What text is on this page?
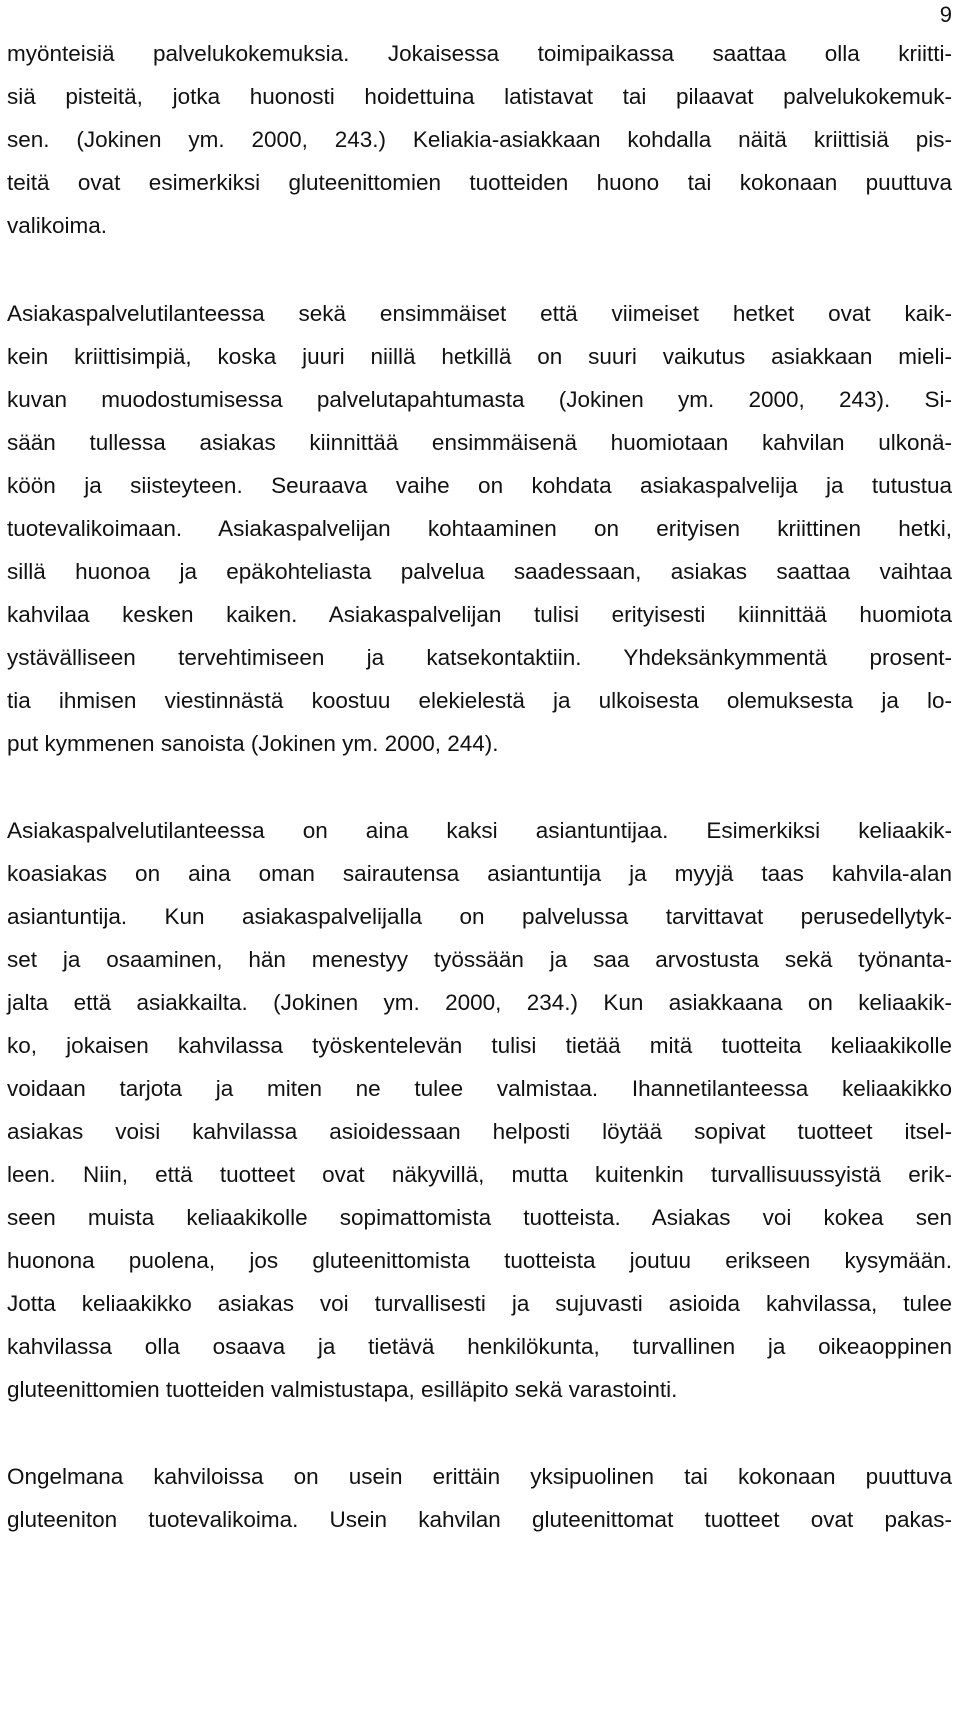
9
myönteisiä palvelukokemuksia. Jokaisessa toimipaikassa saattaa olla kriitti-
siä pisteitä, jotka huonosti hoidettuina latistavat tai pilaavat palvelukokemuk-
sen. (Jokinen ym. 2000, 243.) Keliakia-asiakkaan kohdalla näitä kriittisiä pis-
teitä ovat esimerkiksi gluteenittomien tuotteiden huono tai kokonaan puuttuva
valikoima.
Asiakaspalvelutilanteessa sekä ensimmäiset että viimeiset hetket ovat kaik-
kein kriittisimpiä, koska juuri niillä hetkillä on suuri vaikutus asiakkaan mieli-
kuvan muodostumisessa palvelutapahtumasta (Jokinen ym. 2000, 243). Si-
sään tullessa asiakas kiinnittää ensimmäisenä huomiotaan kahvilan ulkonä-
köön ja siisteyteen. Seuraava vaihe on kohdata asiakaspalvelija ja tutustua
tuotevalikoimaan. Asiakaspalvelijan kohtaaminen on erityisen kriittinen hetki,
sillä huonoa ja epäkohteliasta palvelua saadessaan, asiakas saattaa vaihtaa
kahvilaa kesken kaiken. Asiakaspalvelijan tulisi erityisesti kiinnittää huomiota
ystävälliseen tervehtimiseen ja katsekontaktiin. Yhdeksänkymmentä prosent-
tia ihmisen viestinnästä koostuu elekielestä ja ulkoisesta olemuksesta ja lo-
put kymmenen sanoista (Jokinen ym. 2000, 244).
Asiakaspalvelutilanteessa on aina kaksi asiantuntijaa. Esimerkiksi keliaakik-
koasiakas on aina oman sairautensa asiantuntija ja myyjä taas kahvila-alan
asiantuntija. Kun asiakaspalvelijalla on palvelussa tarvittavat perusedellytyk-
set ja osaaminen, hän menestyy työssään ja saa arvostusta sekä työnanta-
jalta että asiakkailta. (Jokinen ym. 2000, 234.) Kun asiakkaana on keliaakik-
ko, jokaisen kahvilassa työskentelevän tulisi tietää mitä tuotteita keliaakikolle
voidaan tarjota ja miten ne tulee valmistaa. Ihannetilanteessa keliaakikko
asiakas voisi kahvilassa asioidessaan helposti löytää sopivat tuotteet itsel-
leen. Niin, että tuotteet ovat näkyvillä, mutta kuitenkin turvallisuussyistä erik-
seen muista keliaakikolle sopimattomista tuotteista. Asiakas voi kokea sen
huonona puolena, jos gluteenittomista tuotteista joutuu erikseen kysymään.
Jotta keliaakikko asiakas voi turvallisesti ja sujuvasti asioida kahvilassa, tulee
kahvilassa olla osaava ja tietävä henkilökunta, turvallinen ja oikeaoppinen
gluteenittomien tuotteiden valmistustapa, esilläpito sekä varastointi.
Ongelmana kahviloissa on usein erittäin yksipuolinen tai kokonaan puuttuva
gluteeniton tuotevalikoima. Usein kahvilan gluteenittomat tuotteet ovat pakas-
